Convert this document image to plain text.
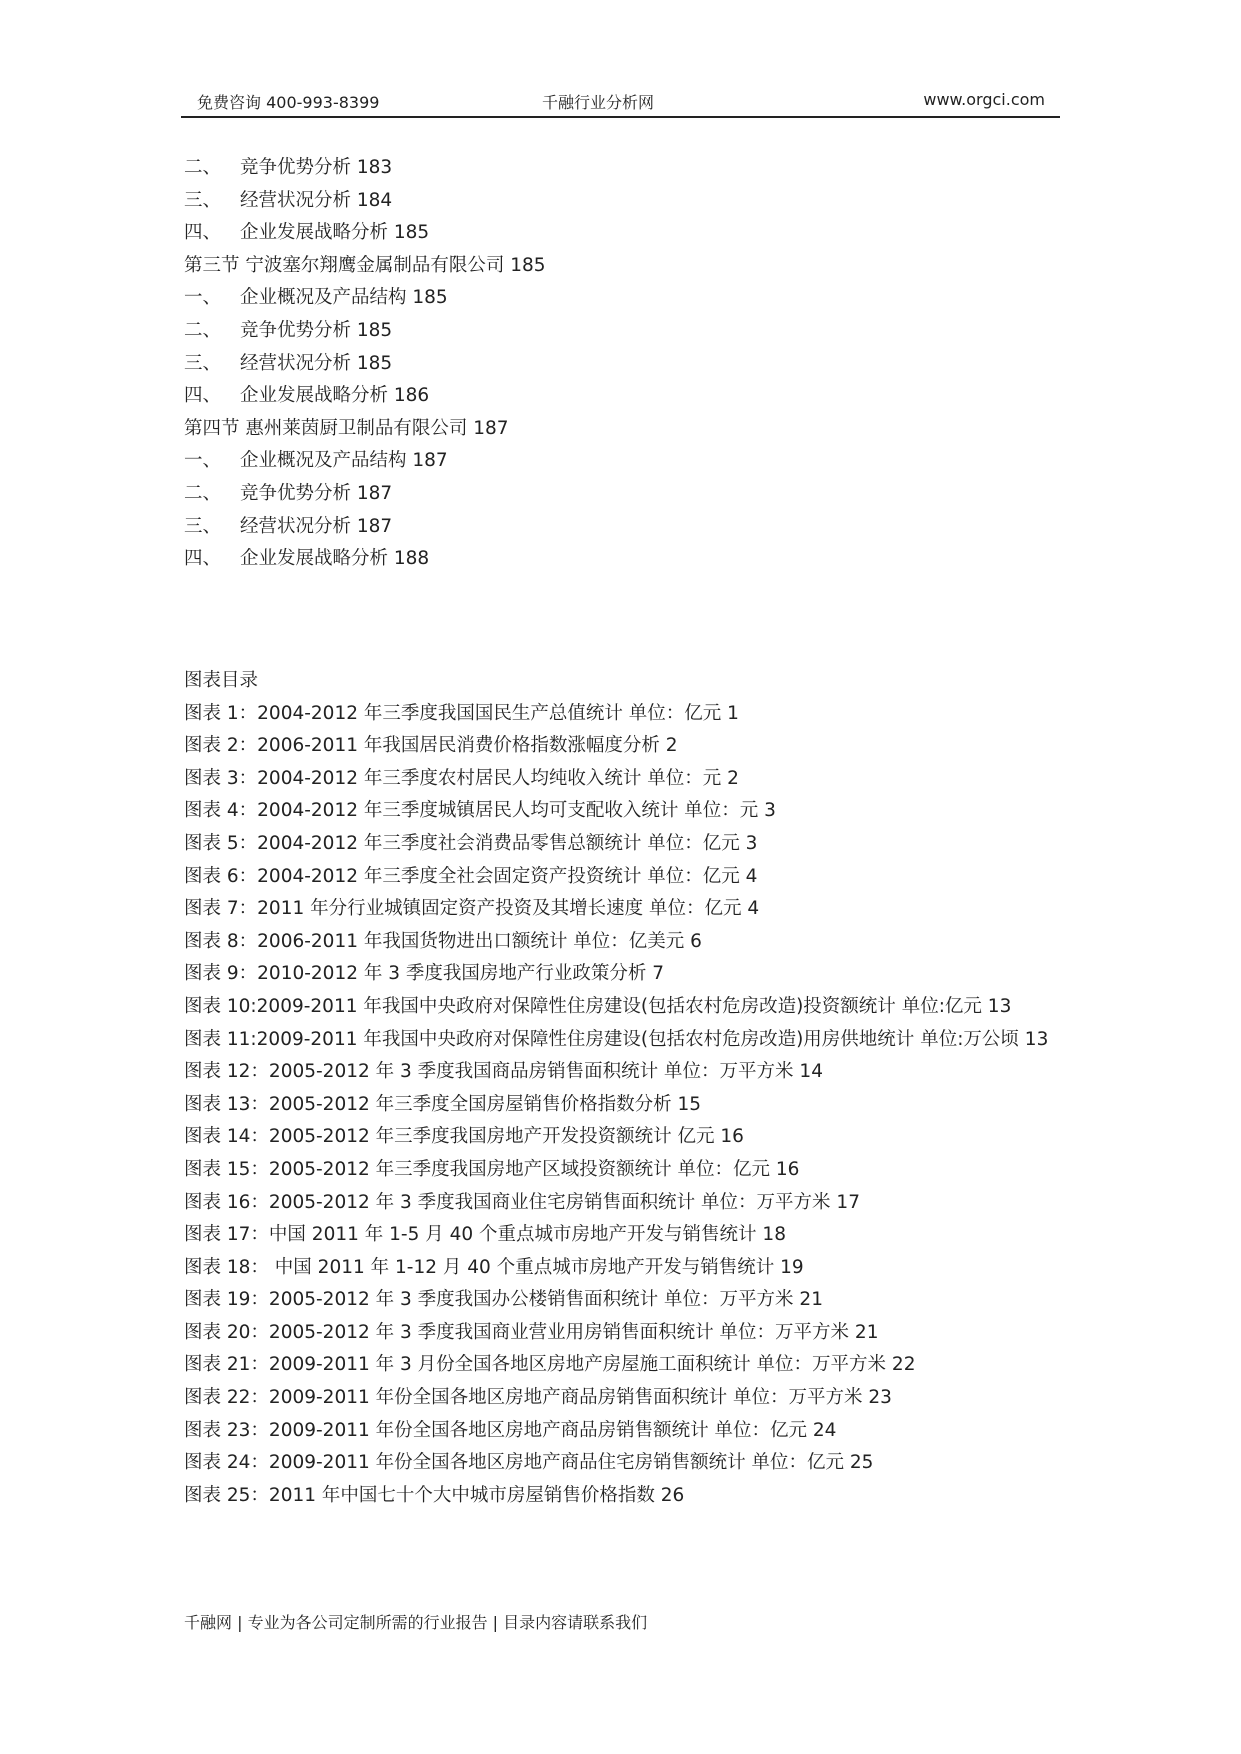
免费咨询 400-993-8399	千融行业分析网	www.orgci.com
二、 竞争优势分析 183
三、 经营状况分析 184
四、 企业发展战略分析 185
第三节 宁波塞尔翔鹰金属制品有限公司 185
一、 企业概况及产品结构 185
二、 竞争优势分析 185
三、 经营状况分析 185
四、 企业发展战略分析 186
第四节 惠州莱茵厨卫制品有限公司 187
一、 企业概况及产品结构 187
二、 竞争优势分析 187
三、 经营状况分析 187
四、 企业发展战略分析 188
图表目录
图表 1：2004-2012 年三季度我国国民生产总值统计 单位：亿元 1
图表 2：2006-2011 年我国居民消费价格指数涨幅度分析 2
图表 3：2004-2012 年三季度农村居民人均纯收入统计 单位：元 2
图表 4：2004-2012 年三季度城镇居民人均可支配收入统计 单位：元 3
图表 5：2004-2012 年三季度社会消费品零售总额统计 单位：亿元 3
图表 6：2004-2012 年三季度全社会固定资产投资统计 单位：亿元 4
图表 7：2011 年分行业城镇固定资产投资及其增长速度 单位：亿元 4
图表 8：2006-2011 年我国货物进出口额统计 单位：亿美元 6
图表 9：2010-2012 年 3 季度我国房地产行业政策分析 7
图表 10:2009-2011 年我国中央政府对保障性住房建设(包括农村危房改造)投资额统计 单位:亿元 13
图表 11:2009-2011 年我国中央政府对保障性住房建设(包括农村危房改造)用房供地统计 单位:万公顷 13
图表 12：2005-2012 年 3 季度我国商品房销售面积统计 单位：万平方米 14
图表 13：2005-2012 年三季度全国房屋销售价格指数分析 15
图表 14：2005-2012 年三季度我国房地产开发投资额统计 亿元 16
图表 15：2005-2012 年三季度我国房地产区域投资额统计 单位：亿元 16
图表 16：2005-2012 年 3 季度我国商业住宅房销售面积统计 单位：万平方米 17
图表 17：中国 2011 年 1-5 月 40 个重点城市房地产开发与销售统计 18
图表 18： 中国 2011 年 1-12 月 40 个重点城市房地产开发与销售统计 19
图表 19：2005-2012 年 3 季度我国办公楼销售面积统计 单位：万平方米 21
图表 20：2005-2012 年 3 季度我国商业营业用房销售面积统计 单位：万平方米 21
图表 21：2009-2011 年 3 月份全国各地区房地产房屋施工面积统计 单位：万平方米 22
图表 22：2009-2011 年份全国各地区房地产商品房销售面积统计 单位：万平方米 23
图表 23：2009-2011 年份全国各地区房地产商品房销售额统计 单位：亿元 24
图表 24：2009-2011 年份全国各地区房地产商品住宅房销售额统计 单位：亿元 25
图表 25：2011 年中国七十个大中城市房屋销售价格指数 26
千融网 | 专业为各公司定制所需的行业报告 | 目录内容请联系我们
